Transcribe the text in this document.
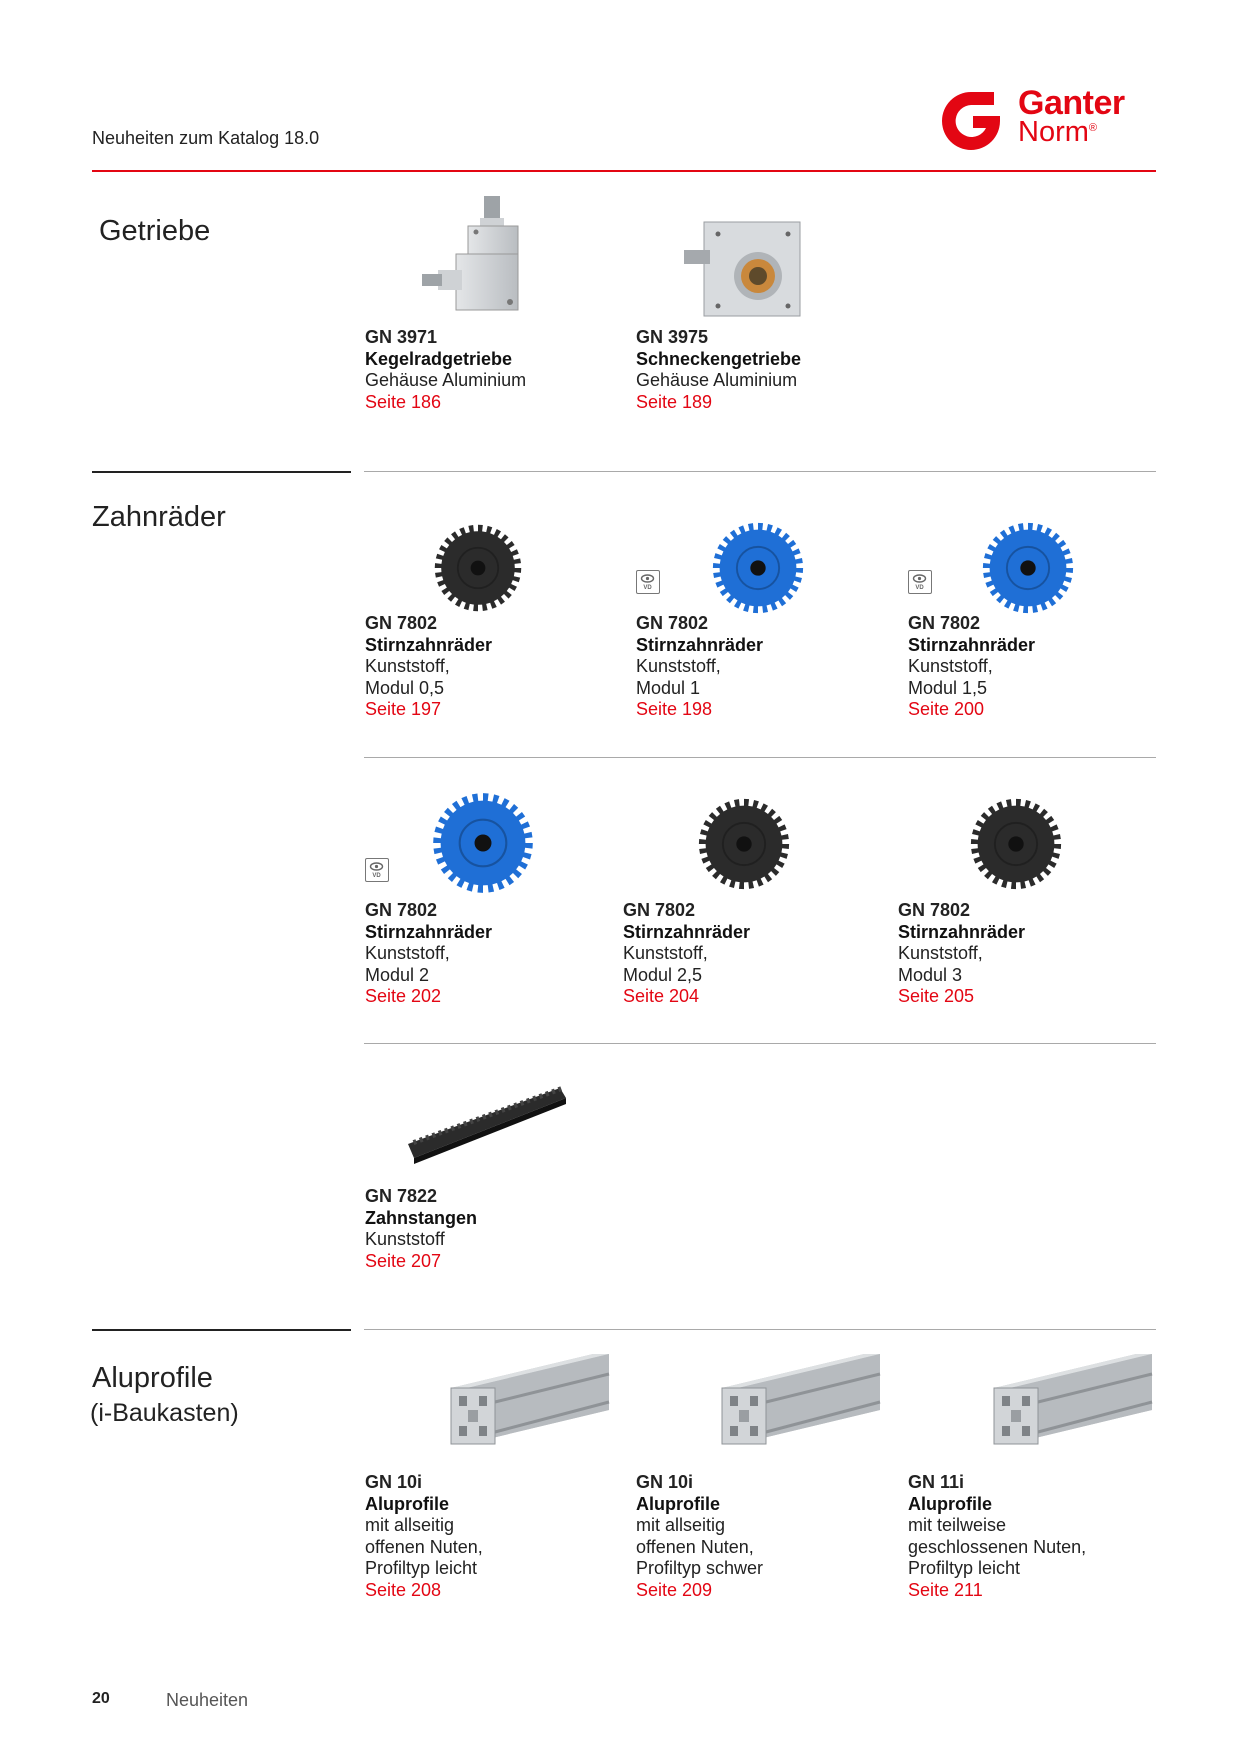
Neuheiten zum Katalog 18.0
Ganter
Norm®
Getriebe
GN 3971
Kegelradgetriebe
Gehäuse Aluminium
Seite 186
GN 3975
Schneckengetriebe
Gehäuse Aluminium
Seite 189
Zahnräder
VD	VD
GN 7802
Stirnzahnräder
Kunststoff,
Modul 0,5
Seite 197
GN 7802
Stirnzahnräder
Kunststoff,
Modul 1
Seite 198
GN 7802
Stirnzahnräder
Kunststoff,
Modul 1,5
Seite 200
VD
GN 7802
Stirnzahnräder
Kunststoff,
Modul 2
Seite 202
GN 7802
Stirnzahnräder
Kunststoff,
Modul 2,5
Seite 204
GN 7802
Stirnzahnräder
Kunststoff,
Modul 3
Seite 205
GN 7822
Zahnstangen
Kunststoff
Seite 207
Aluprofile
(i-Baukasten)
GN 10i
Aluprofile
mit allseitig
offenen Nuten,
Profiltyp leicht
Seite 208
GN 10i
Aluprofile
mit allseitig
offenen Nuten,
Profiltyp schwer
Seite 209
GN 11i
Aluprofile
mit teilweise
geschlossenen Nuten,
Profiltyp leicht
Seite 211
20	Neuheiten
